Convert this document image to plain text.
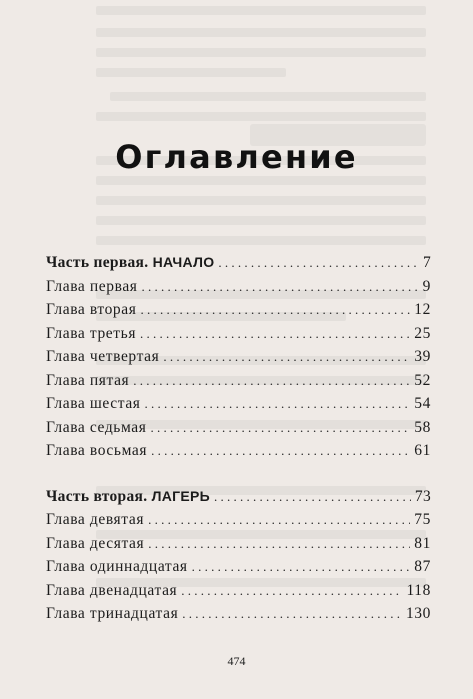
Оглавление
Часть первая. НАЧАЛО . . .	7
Глава первая . . .	9
Глава вторая . . .	12
Глава третья . . .	25
Глава четвертая . . .	39
Глава пятая . . .	52
Глава шестая . . .	54
Глава седьмая . . .	58
Глава восьмая . . .	61
Часть вторая. ЛАГЕРЬ . . .	73
Глава девятая . . .	75
Глава десятая . . .	81
Глава одиннадцатая . . .	87
Глава двенадцатая . . .	118
Глава тринадцатая . . .	130
474
